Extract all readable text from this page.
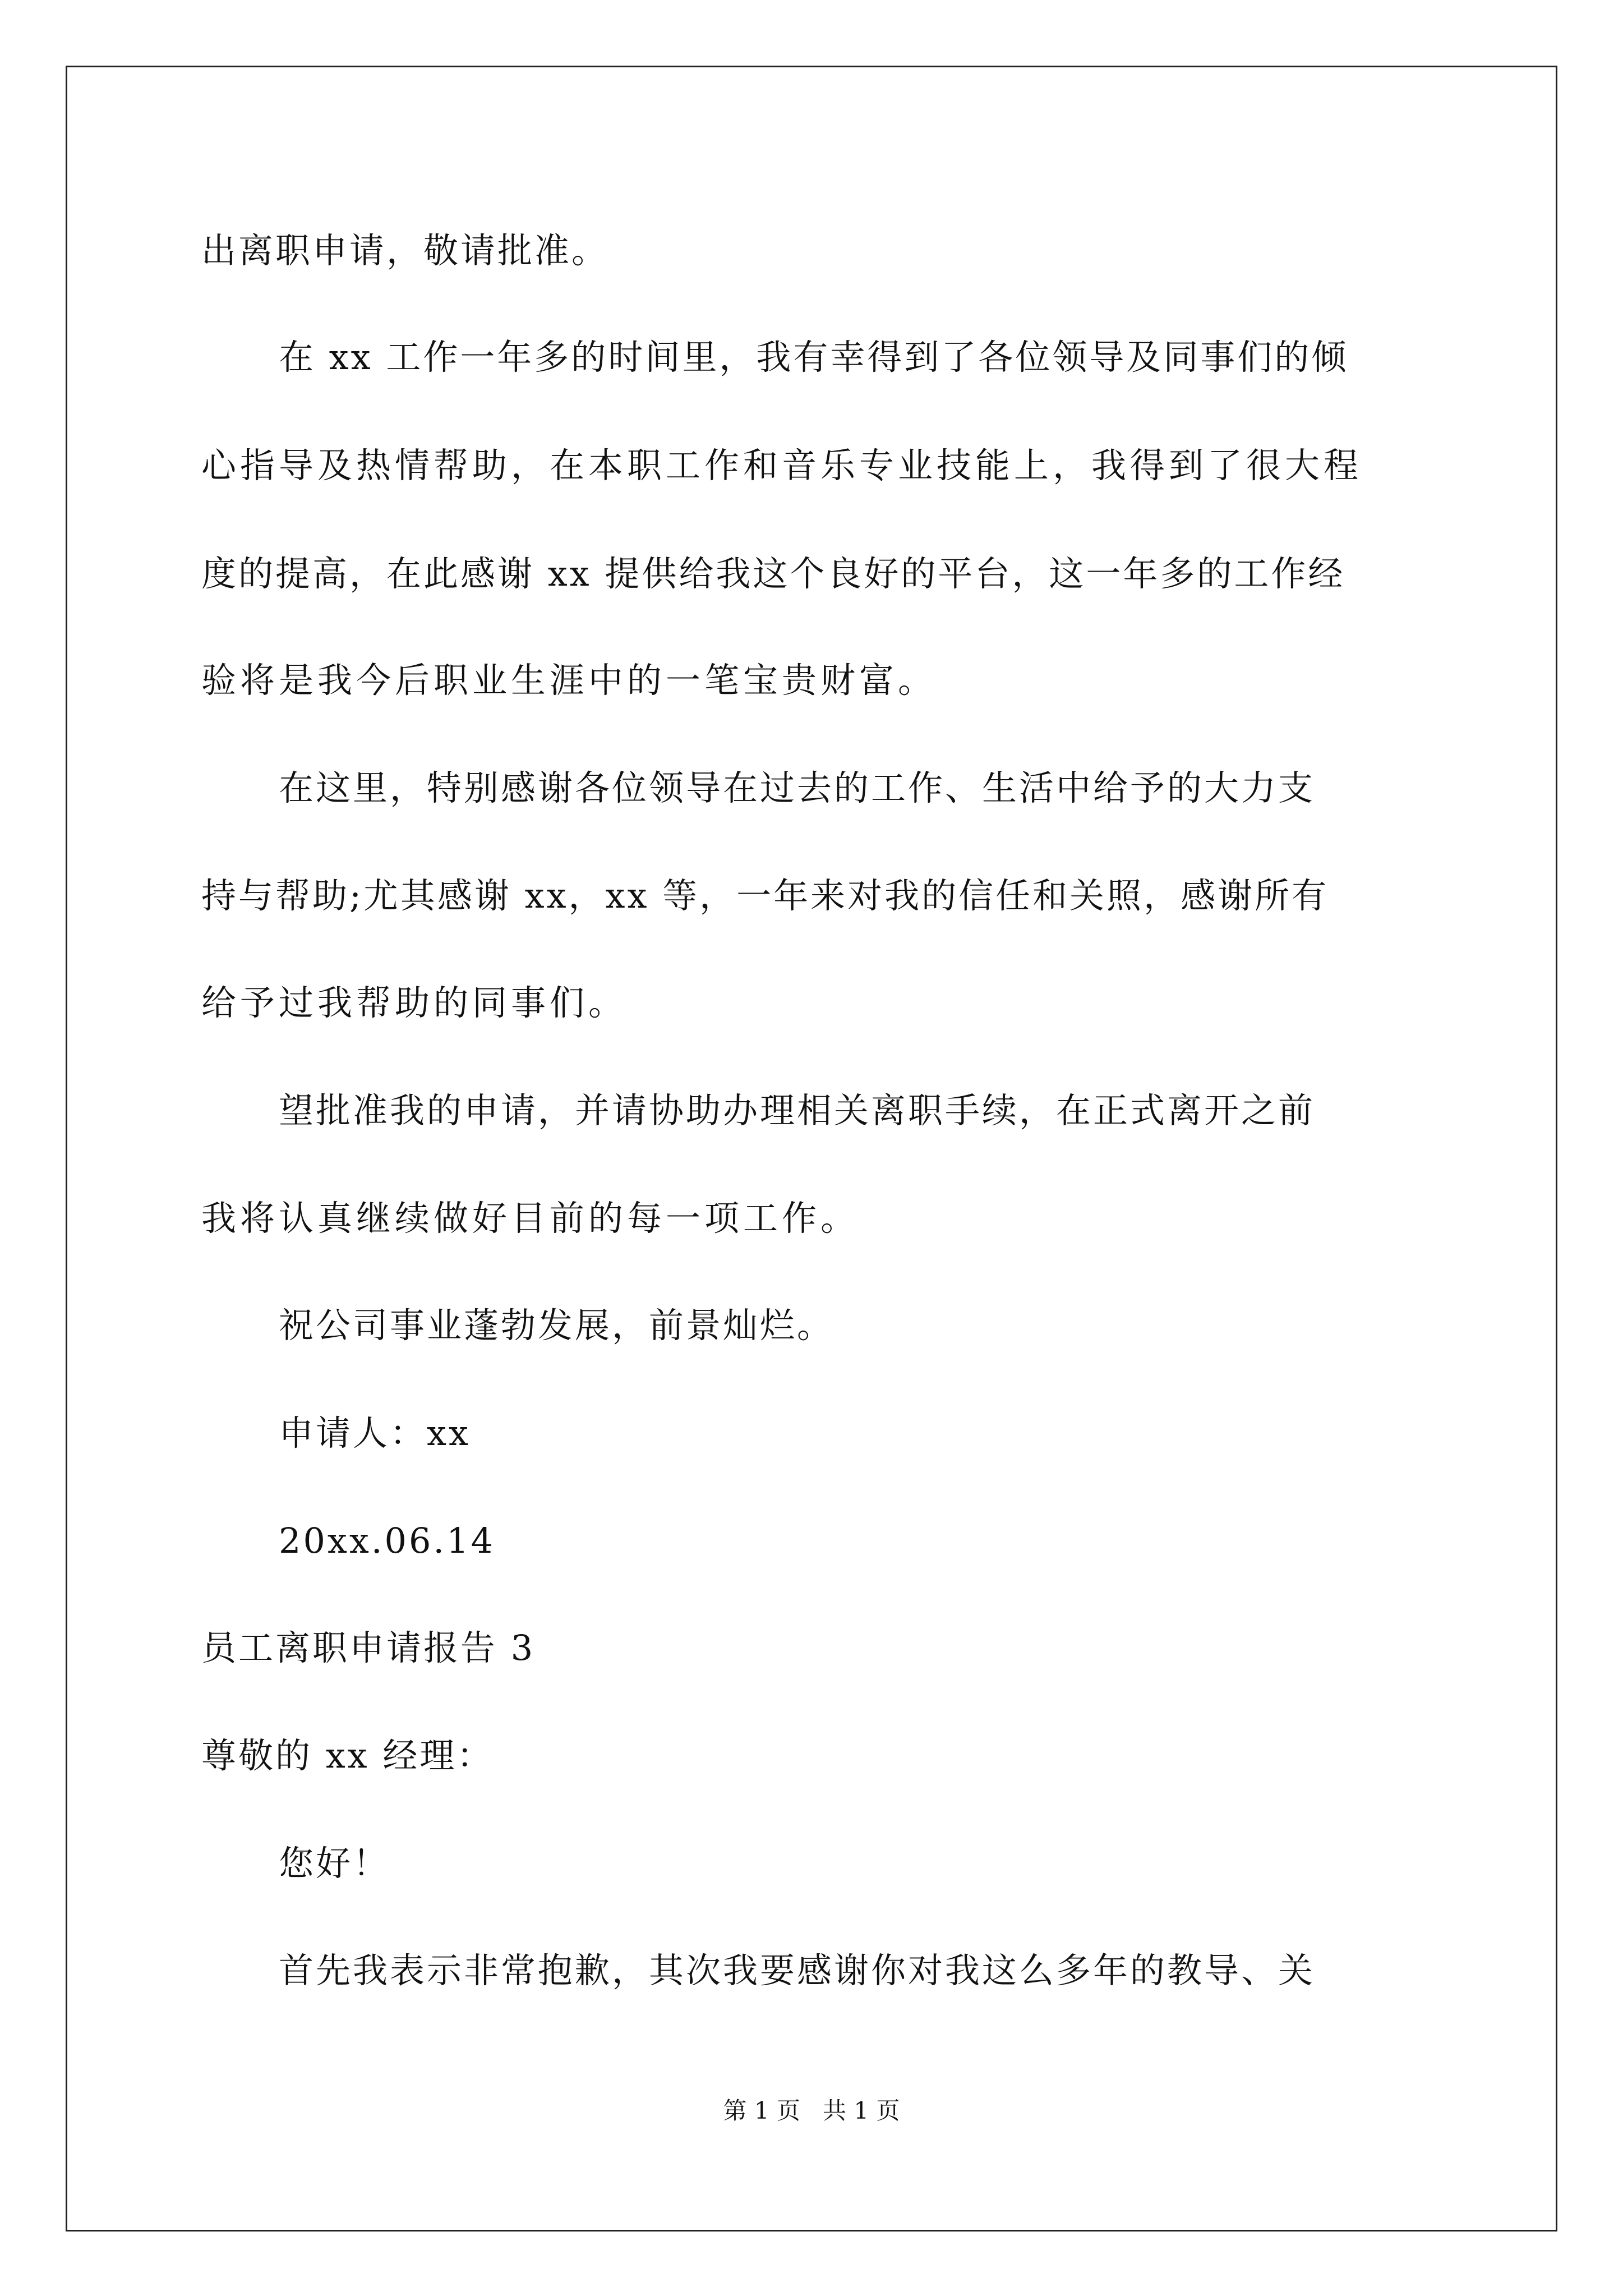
出离职申请，敬请批准。
在 xx 工作一年多的时间里，我有幸得到了各位领导及同事们的倾
心指导及热情帮助，在本职工作和音乐专业技能上，我得到了很大程
度的提高，在此感谢 xx 提供给我这个良好的平台，这一年多的工作经
验将是我今后职业生涯中的一笔宝贵财富。
在这里，特别感谢各位领导在过去的工作、生活中给予的大力支
持与帮助;尤其感谢 xx，xx 等，一年来对我的信任和关照，感谢所有
给予过我帮助的同事们。
望批准我的申请，并请协助办理相关离职手续，在正式离开之前
我将认真继续做好目前的每一项工作。
祝公司事业蓬勃发展，前景灿烂。
申请人：xx
20xx.06.14
员工离职申请报告 3
尊敬的 xx 经理：
您好！
首先我表示非常抱歉，其次我要感谢你对我这么多年的教导、关
第 1 页   共 1 页
